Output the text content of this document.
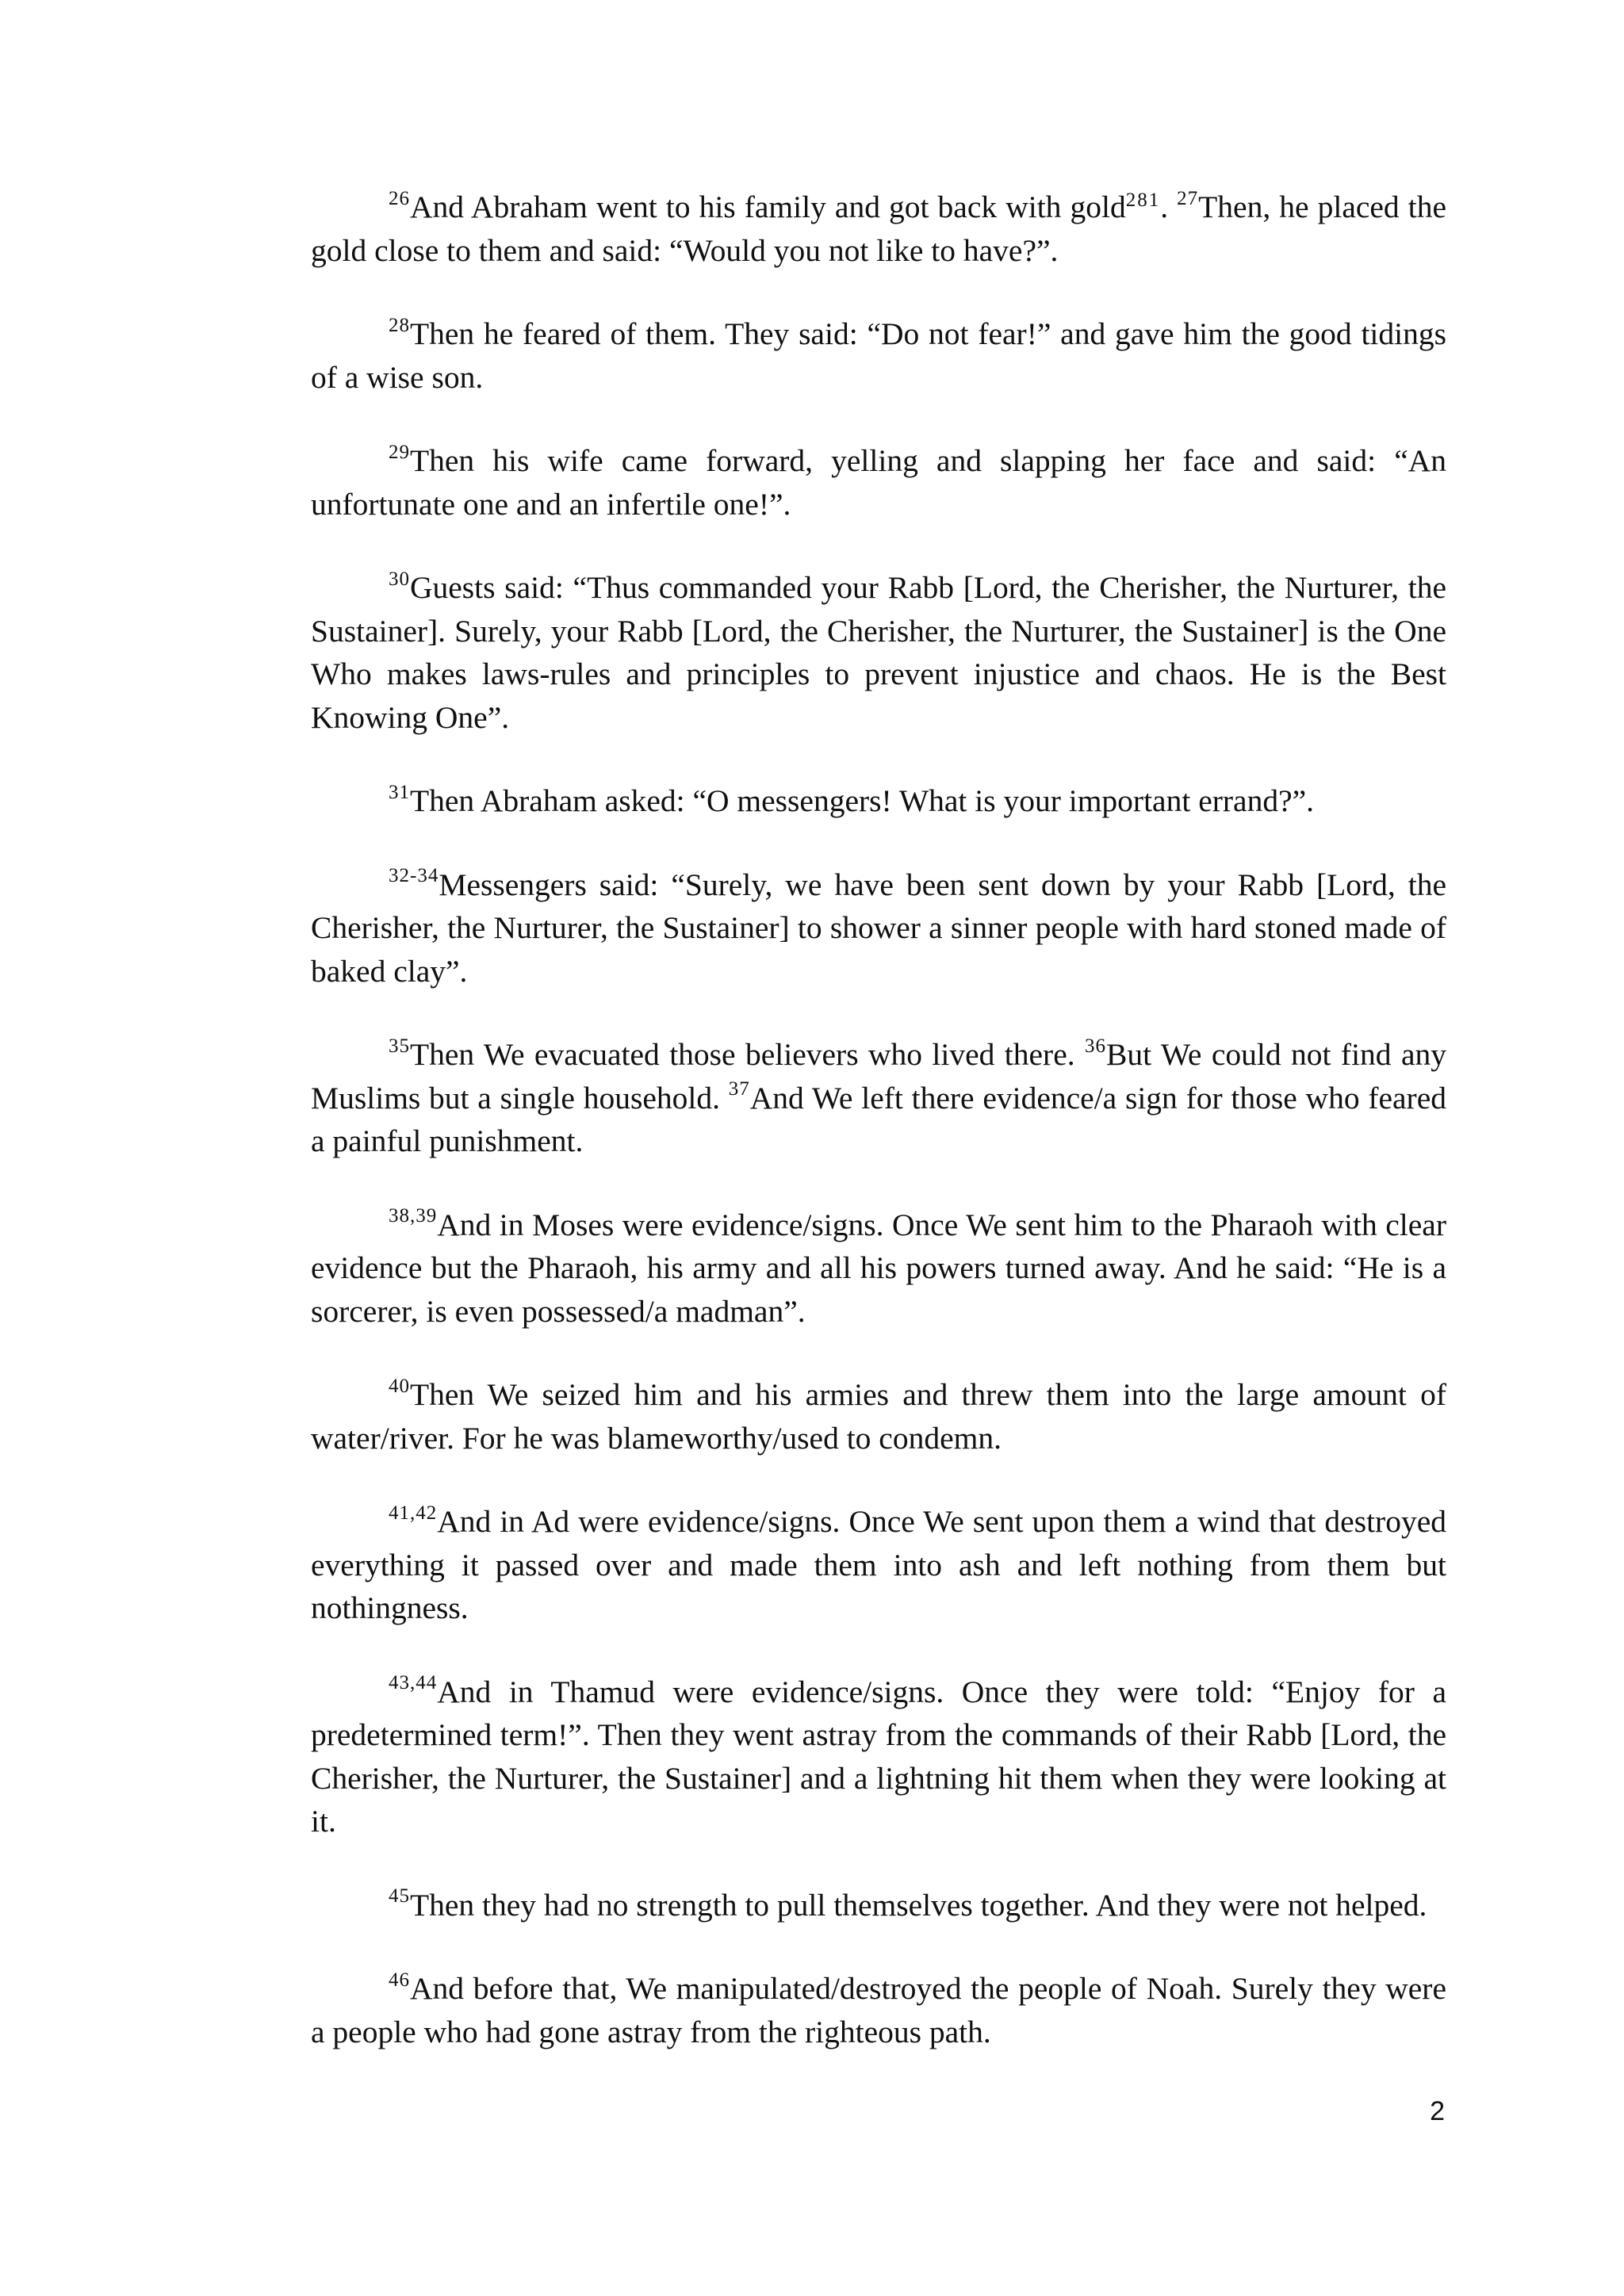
$^{26}$And Abraham went to his family and got back with gold$^{281}$. $^{27}$Then, he placed the gold close to them and said: “Would you not like to have?”.

$^{28}$Then he feared of them. They said: “Do not fear!” and gave him the good tidings of a wise son.

$^{29}$Then his wife came forward, yelling and slapping her face and said: “An unfortunate one and an infertile one!”.

$^{30}$Guests said: “Thus commanded your Rabb [Lord, the Cherisher, the Nurturer, the Sustainer]. Surely, your Rabb [Lord, the Cherisher, the Nurturer, the Sustainer] is the One Who makes laws-rules and principles to prevent injustice and chaos. He is the Best Knowing One”.

$^{31}$Then Abraham asked: “O messengers! What is your important errand?”.

$^{32-34}$Messengers said: “Surely, we have been sent down by your Rabb [Lord, the Cherisher, the Nurturer, the Sustainer] to shower a sinner people with hard stoned made of baked clay”.

$^{35}$Then We evacuated those believers who lived there. $^{36}$But We could not find any Muslims but a single household. $^{37}$And We left there evidence/a sign for those who feared a painful punishment.

$^{38,39}$And in Moses were evidence/signs. Once We sent him to the Pharaoh with clear evidence but the Pharaoh, his army and all his powers turned away. And he said: “He is a sorcerer, is even possessed/a madman”.

$^{40}$Then We seized him and his armies and threw them into the large amount of water/river. For he was blameworthy/used to condemn.

$^{41,42}$And in Ad were evidence/signs. Once We sent upon them a wind that destroyed everything it passed over and made them into ash and left nothing from them but nothingness.

$^{43,44}$And in Thamud were evidence/signs. Once they were told: “Enjoy for a predetermined term!”. Then they went astray from the commands of their Rabb [Lord, the Cherisher, the Nurturer, the Sustainer] and a lightning hit them when they were looking at it.

$^{45}$Then they had no strength to pull themselves together. And they were not helped.

$^{46}$And before that, We manipulated/destroyed the people of Noah. Surely they were a people who had gone astray from the righteous path.

2
